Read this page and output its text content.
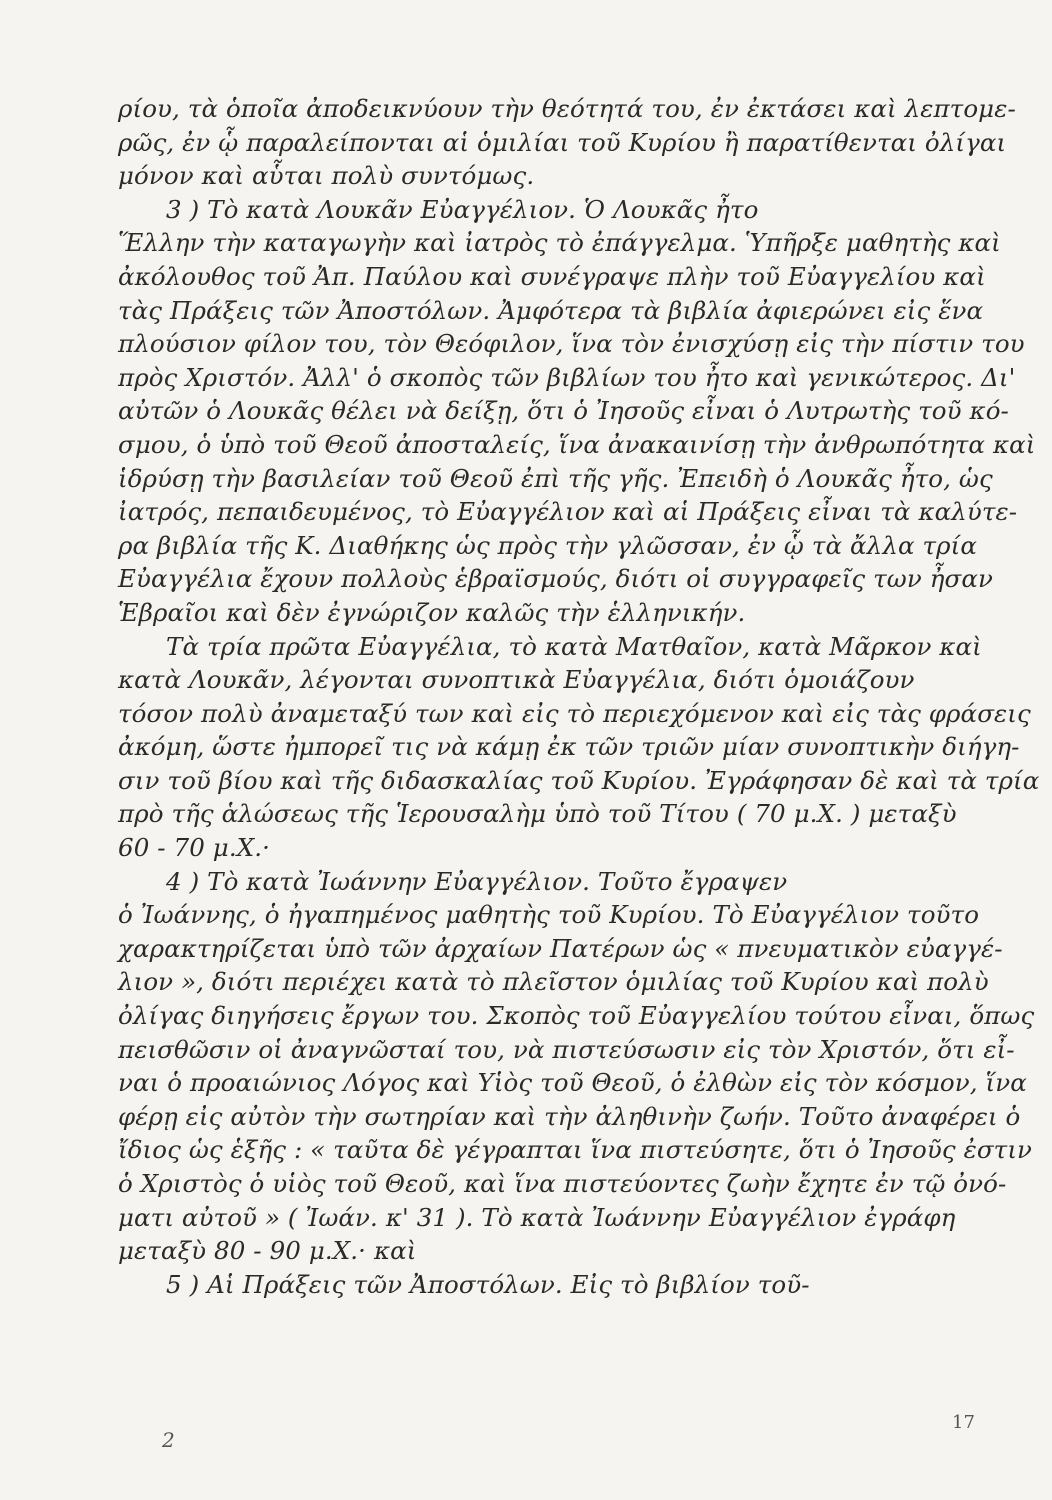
ρίου, τὰ ὁποῖα ἀποδεικνύουν τὴν θεότητά του, ἐν ἐκτάσει καὶ λεπτομε-
ρῶς, ἐν ᾧ παραλείπονται αἱ ὁμιλίαι τοῦ Κυρίου ἢ παρατίθενται ὀλίγαι
μόνον καὶ αὗται πολὺ συντόμως.
3 ) Τὸ κατὰ Λουκᾶν Εὐαγγέλιον. Ὁ Λουκᾶς ἦτο
Ἕλλην τὴν καταγωγὴν καὶ ἰατρὸς τὸ ἐπάγγελμα. Ὑπῆρξε μαθητὴς καὶ
ἀκόλουθος τοῦ Ἀπ. Παύλου καὶ συνέγραψε πλὴν τοῦ Εὐαγγελίου καὶ
τὰς Πράξεις τῶν Ἀποστόλων. Ἀμφότερα τὰ βιβλία ἀφιερώνει εἰς ἕνα
πλούσιον φίλον του, τὸν Θεόφιλον, ἵνα τὸν ἐνισχύσῃ εἰς τὴν πίστιν του
πρὸς Χριστόν. Ἀλλ' ὁ σκοπὸς τῶν βιβλίων του ἦτο καὶ γενικώτερος. Δι'
αὐτῶν ὁ Λουκᾶς θέλει νὰ δείξῃ, ὅτι ὁ Ἰησοῦς εἶναι ὁ Λυτρωτὴς τοῦ κό-
σμου, ὁ ὑπὸ τοῦ Θεοῦ ἀποσταλείς, ἵνα ἀνακαινίσῃ τὴν ἀνθρωπότητα καὶ
ἱδρύσῃ τὴν βασιλείαν τοῦ Θεοῦ ἐπὶ τῆς γῆς. Ἐπειδὴ ὁ Λουκᾶς ἦτο, ὡς
ἰατρός, πεπαιδευμένος, τὸ Εὐαγγέλιον καὶ αἱ Πράξεις εἶναι τὰ καλύτε-
ρα βιβλία τῆς Κ. Διαθήκης ὡς πρὸς τὴν γλῶσσαν, ἐν ᾧ τὰ ἄλλα τρία
Εὐαγγέλια ἔχουν πολλοὺς ἑβραϊσμούς, διότι οἱ συγγραφεῖς των ἦσαν
Ἑβραῖοι καὶ δὲν ἐγνώριζον καλῶς τὴν ἑλληνικήν.
Τὰ τρία πρῶτα Εὐαγγέλια, τὸ κατὰ Ματθαῖον, κατὰ Μᾶρκον καὶ
κατὰ Λουκᾶν, λέγονται συνοπτικὰ Εὐαγγέλια, διότι ὁμοιάζουν
τόσον πολὺ ἀναμεταξύ των καὶ εἰς τὸ περιεχόμενον καὶ εἰς τὰς φράσεις
ἀκόμη, ὥστε ἠμπορεῖ τις νὰ κάμῃ ἐκ τῶν τριῶν μίαν συνοπτικὴν διήγη-
σιν τοῦ βίου καὶ τῆς διδασκαλίας τοῦ Κυρίου. Ἐγράφησαν δὲ καὶ τὰ τρία
πρὸ τῆς ἁλώσεως τῆς Ἱερουσαλὴμ ὑπὸ τοῦ Τίτου ( 70 μ.Χ. ) μεταξὺ
60 - 70 μ.Χ.·
4 ) Τὸ κατὰ Ἰωάννην Εὐαγγέλιον. Τοῦτο ἔγραψεν
ὁ Ἰωάννης, ὁ ἠγαπημένος μαθητὴς τοῦ Κυρίου. Τὸ Εὐαγγέλιον τοῦτο
χαρακτηρίζεται ὑπὸ τῶν ἀρχαίων Πατέρων ὡς « πνευματικὸν εὐαγγέ-
λιον », διότι περιέχει κατὰ τὸ πλεῖστον ὁμιλίας τοῦ Κυρίου καὶ πολὺ
ὀλίγας διηγήσεις ἔργων του. Σκοπὸς τοῦ Εὐαγγελίου τούτου εἶναι, ὅπως
πεισθῶσιν οἱ ἀναγνῶσταί του, νὰ πιστεύσωσιν εἰς τὸν Χριστόν, ὅτι εἶ-
ναι ὁ προαιώνιος Λόγος καὶ Υἱὸς τοῦ Θεοῦ, ὁ ἐλθὼν εἰς τὸν κόσμον, ἵνα
φέρῃ εἰς αὐτὸν τὴν σωτηρίαν καὶ τὴν ἀληθινὴν ζωήν. Τοῦτο ἀναφέρει ὁ
ἴδιος ὡς ἑξῆς : « ταῦτα δὲ γέγραπται ἵνα πιστεύσητε, ὅτι ὁ Ἰησοῦς ἐστιν
ὁ Χριστὸς ὁ υἱὸς τοῦ Θεοῦ, καὶ ἵνα πιστεύοντες ζωὴν ἔχητε ἐν τῷ ὀνό-
ματι αὐτοῦ » ( Ἰωάν. κ' 31 ). Τὸ κατὰ Ἰωάννην Εὐαγγέλιον ἐγράφη
μεταξὺ 80 - 90 μ.Χ.· καὶ
5 ) Αἱ Πράξεις τῶν Ἀποστόλων. Εἰς τὸ βιβλίον τοῦ-
2
17
